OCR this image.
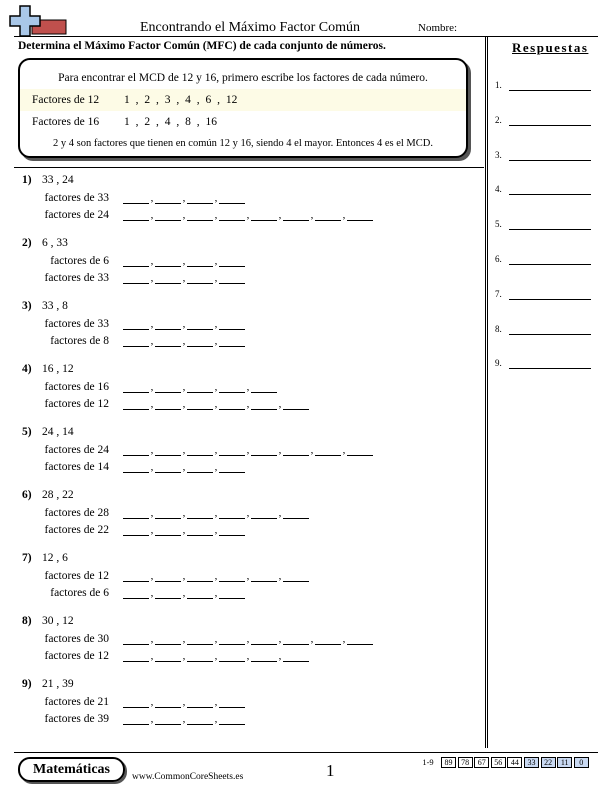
Encontrando el Máximo Factor Común	Nombre:
Determina el Máximo Factor Común (MFC) de cada conjunto de números.
Para encontrar el MCD de 12 y 16, primero escribe los factores de cada número.
Factores de 12 1 , 2 , 3 , 4 , 6 , 12
Factores de 16 1 , 2 , 4 , 8 , 16
2 y 4 son factores que tienen en común 12 y 16, siendo 4 el mayor. Entonces 4 es el MCD.
1) 33 , 24
factores de 33	,	,	,
factores de 24	,	,	,	,	,	,	,
2) 6 , 33
factores de 6	,	,	,
factores de 33	,	,	,
3) 33 , 8
factores de 33	,	,	,
factores de 8	,	,	,
4) 16 , 12
factores de 16	,	,	,	,
factores de 12	,	,	,	,	,
5) 24 , 14
factores de 24	,	,	,	,	,	,	,
factores de 14	,	,	,
6) 28 , 22
factores de 28	,	,	,	,	,
factores de 22	,	,	,
7) 12 , 6
factores de 12	,	,	,	,	,
factores de 6	,	,	,
8) 30 , 12
factores de 30	,	,	,	,	,	,	,
factores de 12	,	,	,	,	,
9) 21 , 39
factores de 21	,	,	,
factores de 39	,	,	,
Respuestas
1.
2.
3.
4.
5.
6.
7.
8.
9.
Matemáticas	www.CommonCoreSheets.es	1	1-9	89	78	67	56	44	33	22	11	0
